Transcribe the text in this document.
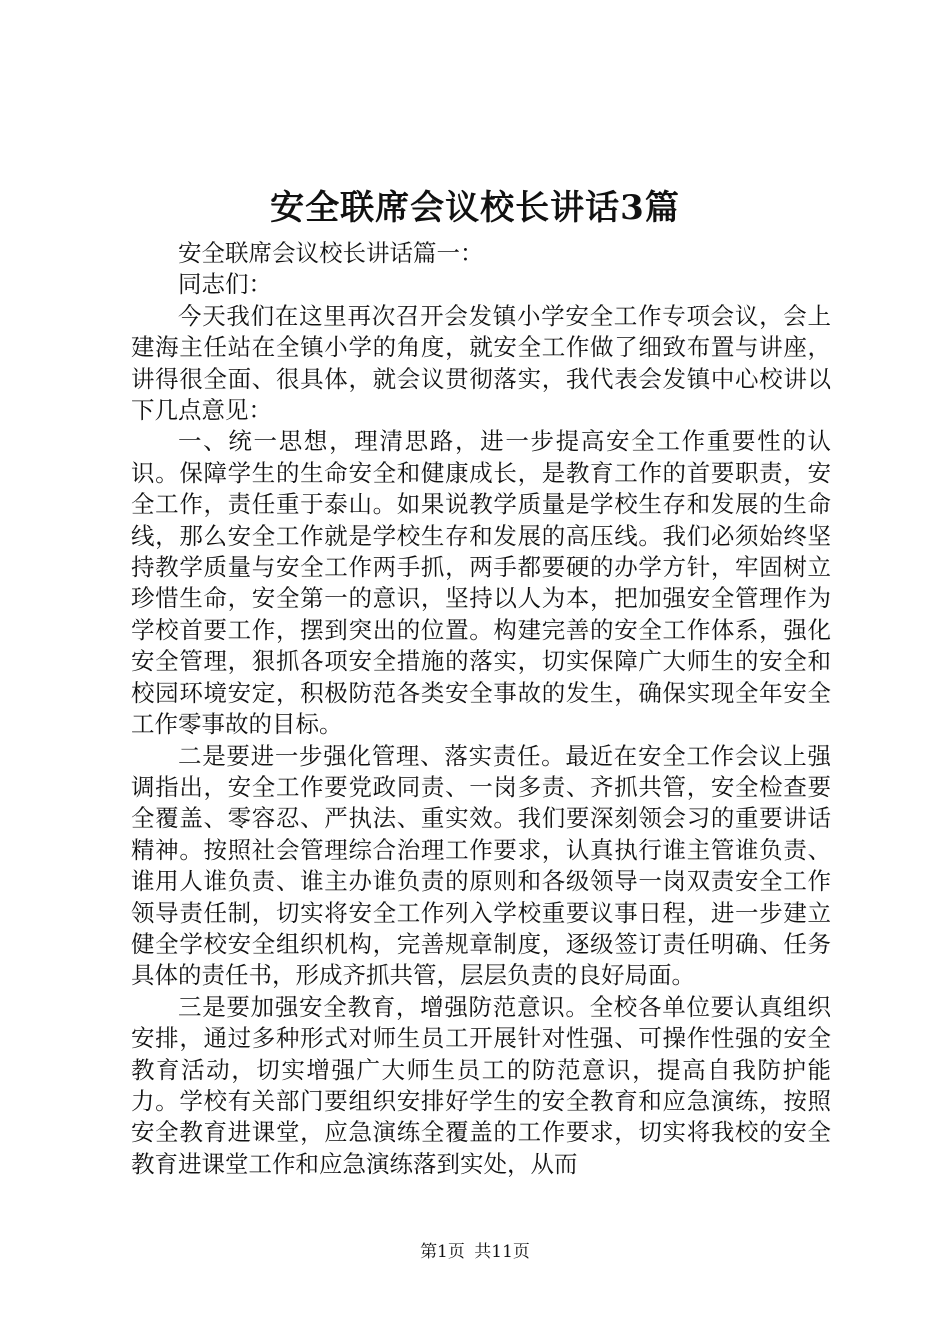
安全联席会议校长讲话3篇

安全联席会议校长讲话篇一：

同志们：

今天我们在这里再次召开会发镇小学安全工作专项会议，会上建海主任站在全镇小学的角度，就安全工作做了细致布置与讲座，讲得很全面、很具体，就会议贯彻落实，我代表会发镇中心校讲以下几点意见：

一、统一思想，理清思路，进一步提高安全工作重要性的认识。保障学生的生命安全和健康成长，是教育工作的首要职责，安全工作，责任重于泰山。如果说教学质量是学校生存和发展的生命线，那么安全工作就是学校生存和发展的高压线。我们必须始终坚持教学质量与安全工作两手抓，两手都要硬的办学方针，牢固树立珍惜生命，安全第一的意识，坚持以人为本，把加强安全管理作为学校首要工作，摆到突出的位置。构建完善的安全工作体系，强化安全管理，狠抓各项安全措施的落实，切实保障广大师生的安全和校园环境安定，积极防范各类安全事故的发生，确保实现全年安全工作零事故的目标。

二是要进一步强化管理、落实责任。最近在安全工作会议上强调指出，安全工作要党政同责、一岗多责、齐抓共管，安全检查要全覆盖、零容忍、严执法、重实效。我们要深刻领会习的重要讲话精神。按照社会管理综合治理工作要求，认真执行谁主管谁负责、谁用人谁负责、谁主办谁负责的原则和各级领导一岗双责安全工作领导责任制，切实将安全工作列入学校重要议事日程，进一步建立健全学校安全组织机构，完善规章制度，逐级签订责任明确、任务具体的责任书，形成齐抓共管，层层负责的良好局面。

三是要加强安全教育，增强防范意识。全校各单位要认真组织安排，通过多种形式对师生员工开展针对性强、可操作性强的安全教育活动，切实增强广大师生员工的防范意识，提高自我防护能力。学校有关部门要组织安排好学生的安全教育和应急演练，按照安全教育进课堂，应急演练全覆盖的工作要求，切实将我校的安全教育进课堂工作和应急演练落到实处，从而

第1页 共11页
